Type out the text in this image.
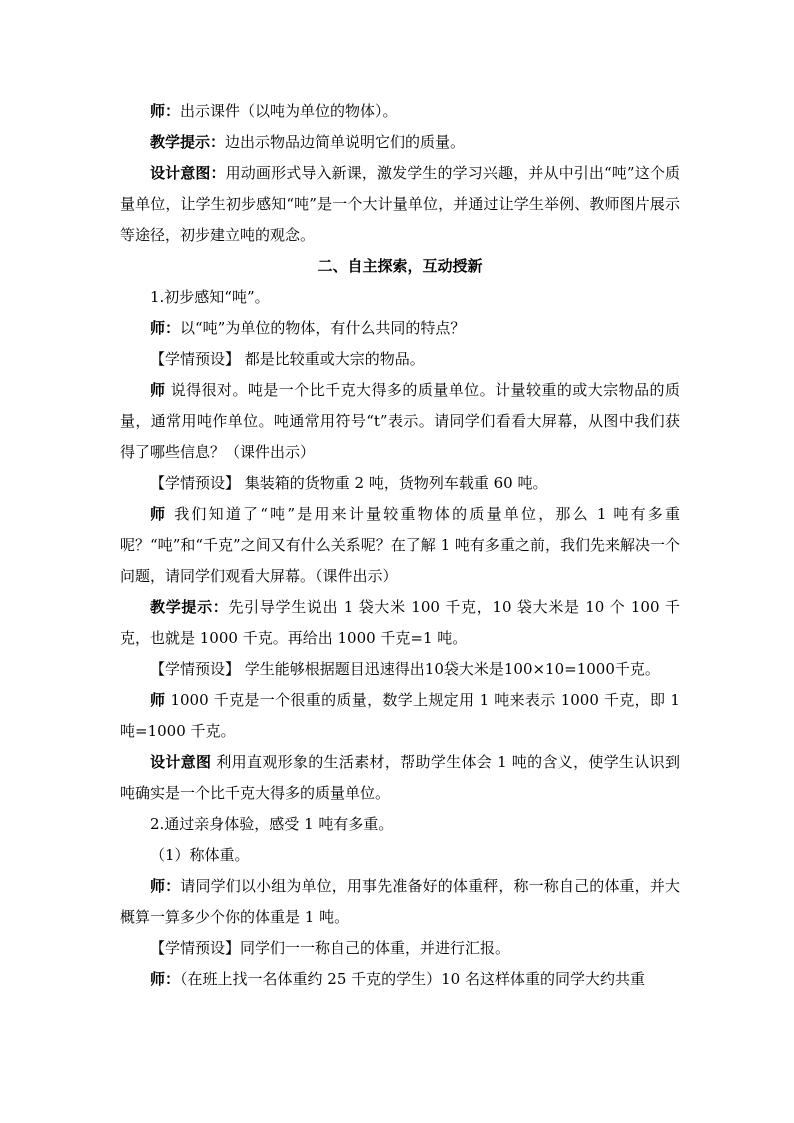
师：出示课件（以吨为单位的物体）。

教学提示：边出示物品边简单说明它们的质量。

设计意图：用动画形式导入新课，激发学生的学习兴趣，并从中引出“吨”这个质量单位，让学生初步感知“吨”是一个大计量单位，并通过让学生举例、教师图片展示等途径，初步建立吨的观念。

二、自主探索，互动授新

1.初步感知“吨”。

师：以“吨”为单位的物体，有什么共同的特点？

【学情预设】 都是比较重或大宗的物品。

师 说得很对。吨是一个比千克大得多的质量单位。计量较重的或大宗物品的质量，通常用吨作单位。吨通常用符号“t”表示。请同学们看看大屏幕，从图中我们获得了哪些信息？（课件出示）

【学情预设】 集装箱的货物重 2 吨，货物列车载重 60 吨。

师 我们知道了“吨”是用来计量较重物体的质量单位，那么 1 吨有多重呢？“吨”和“千克”之间又有什么关系呢？在了解 1 吨有多重之前，我们先来解决一个问题，请同学们观看大屏幕。（课件出示）

教学提示：先引导学生说出 1 袋大米 100 千克，10 袋大米是 10 个 100 千克，也就是 1000 千克。再给出 1000 千克=1 吨。

【学情预设】 学生能够根据题目迅速得出10袋大米是100×10=1000千克。

师 1000 千克是一个很重的质量，数学上规定用 1 吨来表示 1000 千克，即 1 吨=1000 千克。

设计意图 利用直观形象的生活素材，帮助学生体会 1 吨的含义，使学生认识到吨确实是一个比千克大得多的质量单位。

2.通过亲身体验，感受 1 吨有多重。

（1）称体重。

师：请同学们以小组为单位，用事先准备好的体重秤，称一称自己的体重，并大概算一算多少个你的体重是 1 吨。

【学情预设】同学们一一称自己的体重，并进行汇报。

师：（在班上找一名体重约 25 千克的学生）10 名这样体重的同学大约共重
